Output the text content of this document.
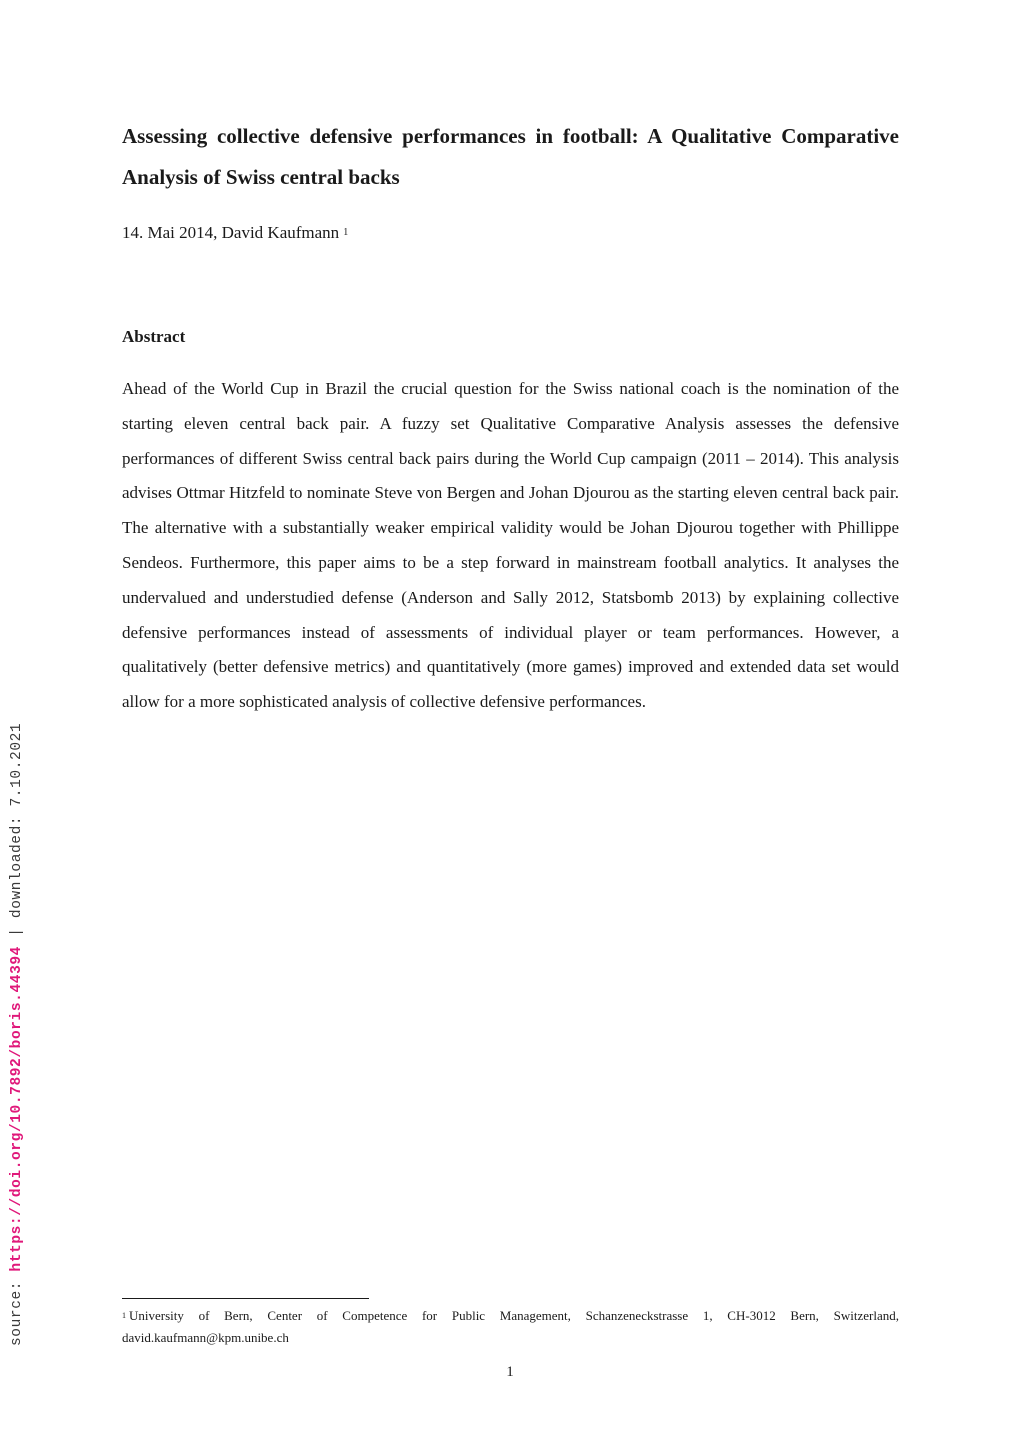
Assessing collective defensive performances in football: A Qualitative Comparative Analysis of Swiss central backs
14. Mai 2014, David Kaufmann $^1$
Abstract

Ahead of the World Cup in Brazil the crucial question for the Swiss national coach is the nomination of the starting eleven central back pair. A fuzzy set Qualitative Comparative Analysis assesses the defensive performances of different Swiss central back pairs during the World Cup campaign (2011 – 2014). This analysis advises Ottmar Hitzfeld to nominate Steve von Bergen and Johan Djourou as the starting eleven central back pair. The alternative with a substantially weaker empirical validity would be Johan Djourou together with Phillippe Sendeos. Furthermore, this paper aims to be a step forward in mainstream football analytics. It analyses the undervalued and understudied defense (Anderson and Sally 2012, Statsbomb 2013) by explaining collective defensive performances instead of assessments of individual player or team performances. However, a qualitatively (better defensive metrics) and quantitatively (more games) improved and extended data set would allow for a more sophisticated analysis of collective defensive performances.

source: https://doi.org/10.7892/boris.44394 | downloaded: 7.10.2021

$^1$ University of Bern, Center of Competence for Public Management, Schanzeneckstrasse 1, CH-3012 Bern, Switzerland, david.kaufmann@kpm.unibe.ch

1
